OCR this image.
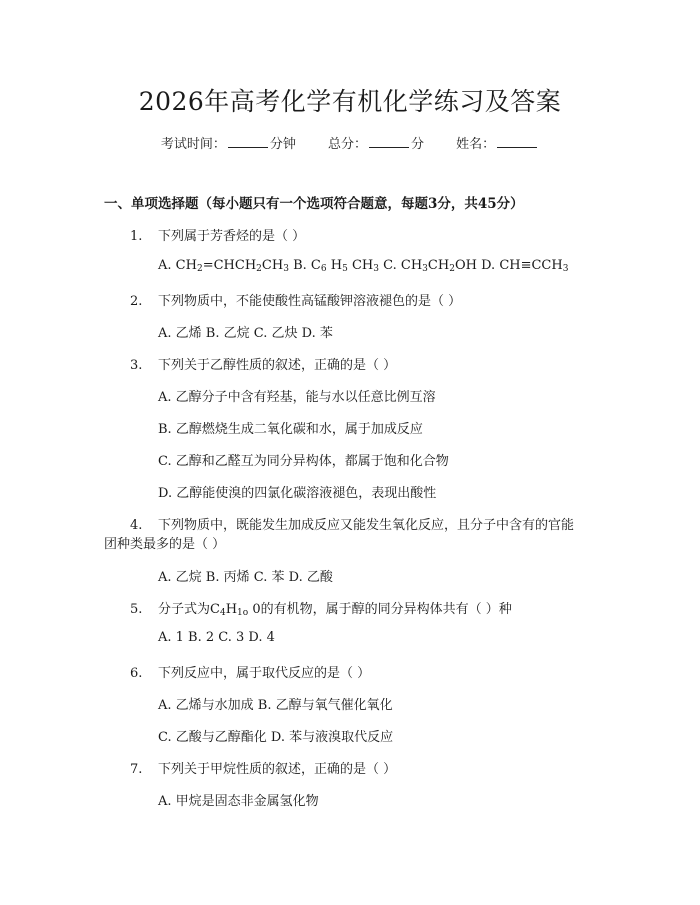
2026年高考化学有机化学练习及答案
考试时间：	分钟 总分：	分 姓名：
一、单项选择题（每小题只有一个选项符合题意，每题3分，共45分）
1. 下列属于芳香烃的是（ ）
A. $CH_2=CHCH_2CH_3$ B. $C_6$ $H_5$ $CH_3$ C. $CH_3CH_2OH$ D. $CH\equiv CCH_3$
2. 下列物质中，不能使酸性高锰酸钾溶液褪色的是（ ）
A. 乙烯 B. 乙烷 C. 乙炔 D. 苯
3. 下列关于乙醇性质的叙述，正确的是（ ）
A. 乙醇分子中含有羟基，能与水以任意比例互溶
B. 乙醇燃烧生成二氧化碳和水，属于加成反应
C. 乙醇和乙醛互为同分异构体，都属于饱和化合物
D. 乙醇能使溴的四氯化碳溶液褪色，表现出酸性
4. 下列物质中，既能发生加成反应又能发生氧化反应，且分子中含有的官能
团种类最多的是（ ）
A. 乙烷 B. 丙烯 C. 苯 D. 乙酸
5. 分子式为$C_4H_{1o}$ 0的有机物，属于醇的同分异构体共有（ ）种
A. 1 B. 2 C. 3 D. 4
6. 下列反应中，属于取代反应的是（ ）
A. 乙烯与水加成 B. 乙醇与氧气催化氧化
C. 乙酸与乙醇酯化 D. 苯与液溴取代反应
7. 下列关于甲烷性质的叙述，正确的是（ ）
A. 甲烷是固态非金属氢化物
